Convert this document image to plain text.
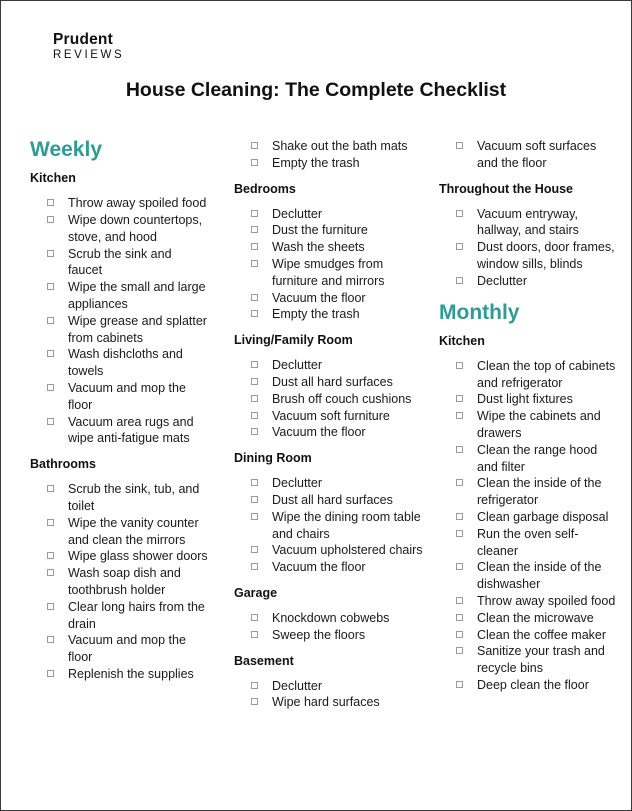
Prudent
REVIEWS
House Cleaning: The Complete Checklist
Weekly
Kitchen
Throw away spoiled food
Wipe down countertops, stove, and hood
Scrub the sink and faucet
Wipe the small and large appliances
Wipe grease and splatter from cabinets
Wash dishcloths and towels
Vacuum and mop the floor
Vacuum area rugs and wipe anti-fatigue mats
Bathrooms
Scrub the sink, tub, and toilet
Wipe the vanity counter and clean the mirrors
Wipe glass shower doors
Wash soap dish and toothbrush holder
Clear long hairs from the drain
Vacuum and mop the floor
Replenish the supplies
Shake out the bath mats
Empty the trash
Bedrooms
Declutter
Dust the furniture
Wash the sheets
Wipe smudges from furniture and mirrors
Vacuum the floor
Empty the trash
Living/Family Room
Declutter
Dust all hard surfaces
Brush off couch cushions
Vacuum soft furniture
Vacuum the floor
Dining Room
Declutter
Dust all hard surfaces
Wipe the dining room table and chairs
Vacuum upholstered chairs
Vacuum the floor
Garage
Knockdown cobwebs
Sweep the floors
Basement
Declutter
Wipe hard surfaces
Vacuum soft surfaces and the floor
Throughout the House
Vacuum entryway, hallway, and stairs
Dust doors, door frames, window sills, blinds
Declutter
Monthly
Kitchen
Clean the top of cabinets and refrigerator
Dust light fixtures
Wipe the cabinets and drawers
Clean the range hood and filter
Clean the inside of the refrigerator
Clean garbage disposal
Run the oven self-cleaner
Clean the inside of the dishwasher
Throw away spoiled food
Clean the microwave
Clean the coffee maker
Sanitize your trash and recycle bins
Deep clean the floor
